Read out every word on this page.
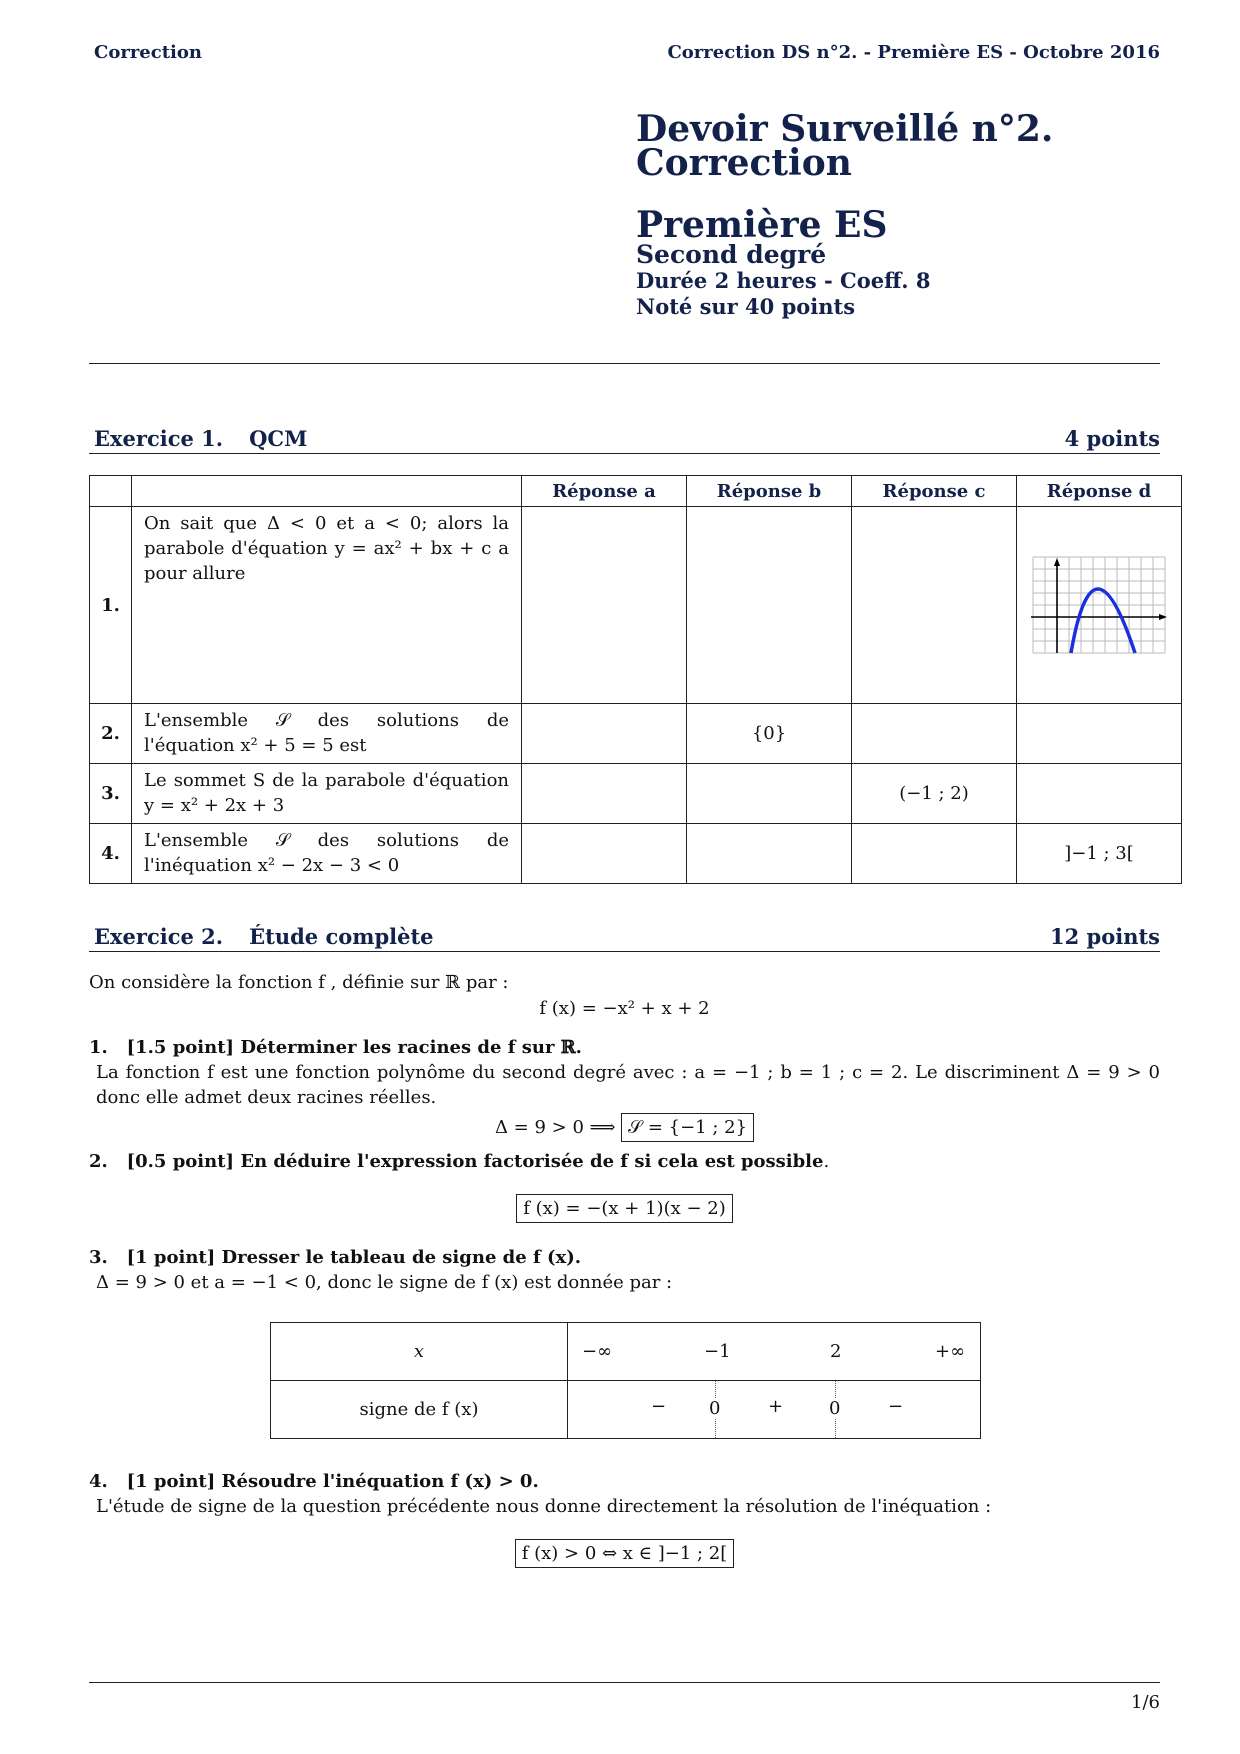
Correction	Correction DS n°2. - Première ES - Octobre 2016
Devoir Surveillé n°2.
Correction
Première ES
Second degré
Durée 2 heures - Coeff. 8
Noté sur 40 points
Exercice 1. QCM	4 points
		Réponse a	Réponse b	Réponse c	Réponse d
1.	On sait que Δ < 0 et a < 0; alors la parabole d'équation y = ax² + bx + c a pour allure				

2.	L'ensemble 𝒮 des solutions de l'équation x² + 5 = 5 est		{0}		
3.	Le sommet S de la parabole d'équation y = x² + 2x + 3			(−1 ; 2)	
4.	L'ensemble 𝒮 des solutions de l'inéquation x² − 2x − 3 < 0				]−1 ; 3[
Exercice 2. Étude complète	12 points
On considère la fonction f , définie sur ℝ par :
f (x) = −x² + x + 2
1. [1.5 point] Déterminer les racines de f sur ℝ.
La fonction f est une fonction polynôme du second degré avec : a = −1 ; b = 1 ; c = 2. Le discriminent Δ = 9 > 0 donc elle admet deux racines réelles.
Δ = 9 > 0 ⟹ 𝒮 = {−1 ; 2}
2. [0.5 point] En déduire l'expression factorisée de f si cela est possible.
f (x) = −(x + 1)(x − 2)
3. [1 point] Dresser le tableau de signe de f (x).
Δ = 9 > 0 et a = −1 < 0, donc le signe de f (x) est donnée par :
x	−∞ −1 2 +∞

signe de f (x)	− 0 + 0 −
4. [1 point] Résoudre l'inéquation f (x) > 0.
L'étude de signe de la question précédente nous donne directement la résolution de l'inéquation :
f (x) > 0 ⇔ x ∈ ]−1 ; 2[
1/6
